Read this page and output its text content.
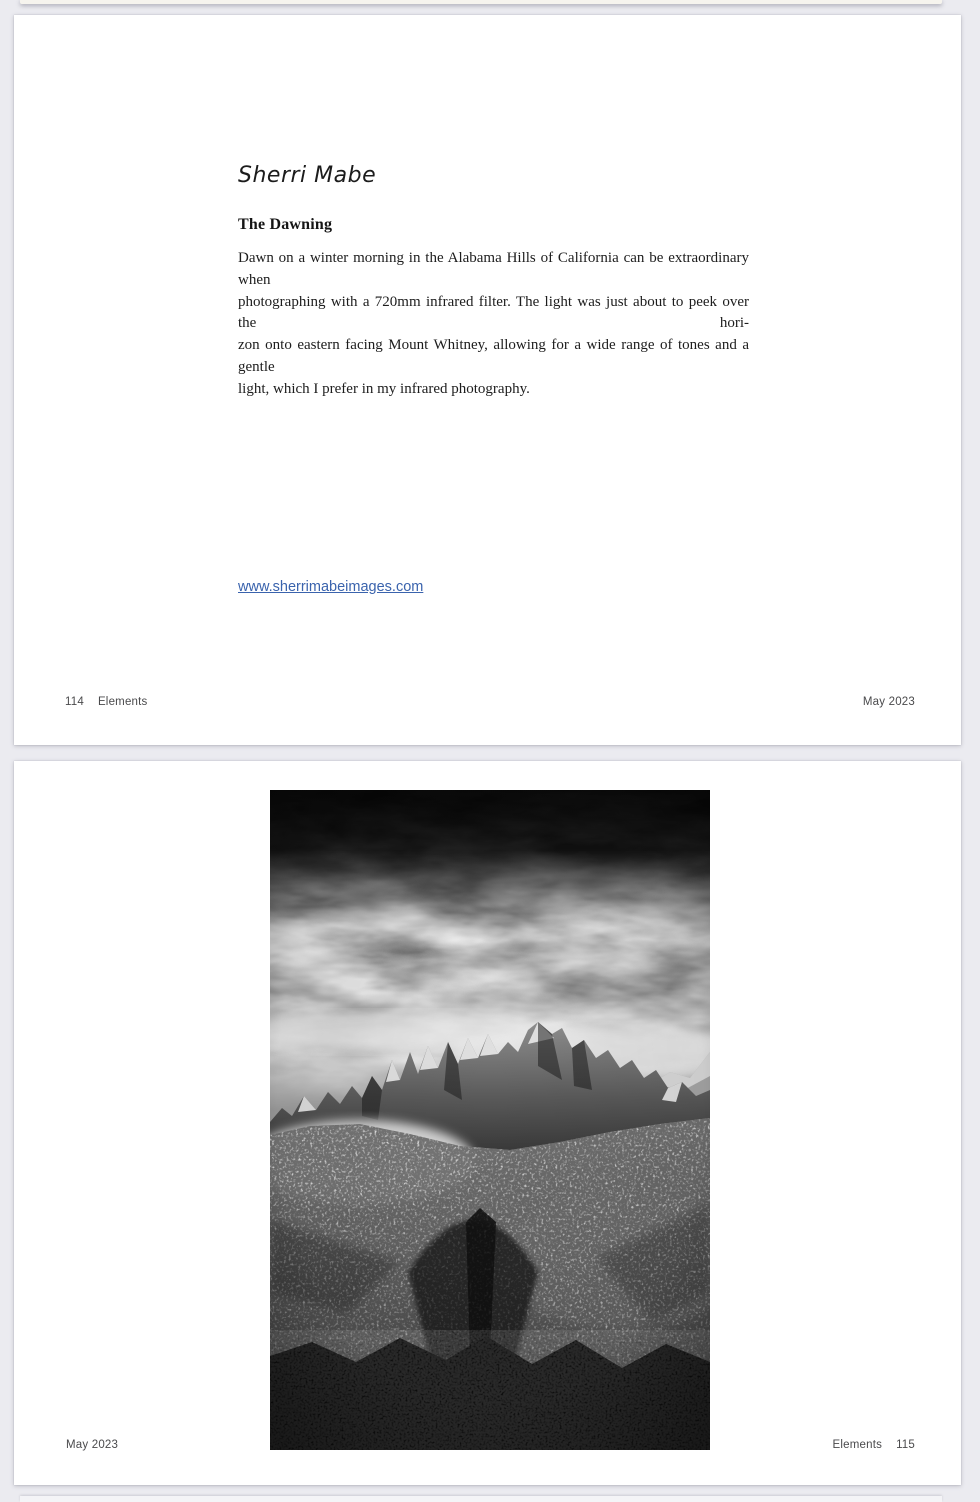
Sherri Mabe
The Dawning
Dawn on a winter morning in the Alabama Hills of California can be extraordinary when
photographing with a 720mm infrared filter. The light was just about to peek over the hori-
zon onto eastern facing Mount Whitney, allowing for a wide range of tones and a gentle
light, which I prefer in my infrared photography.
www.sherrimabeimages.com
114 Elements	May 2023
May 2023	Elements 115
